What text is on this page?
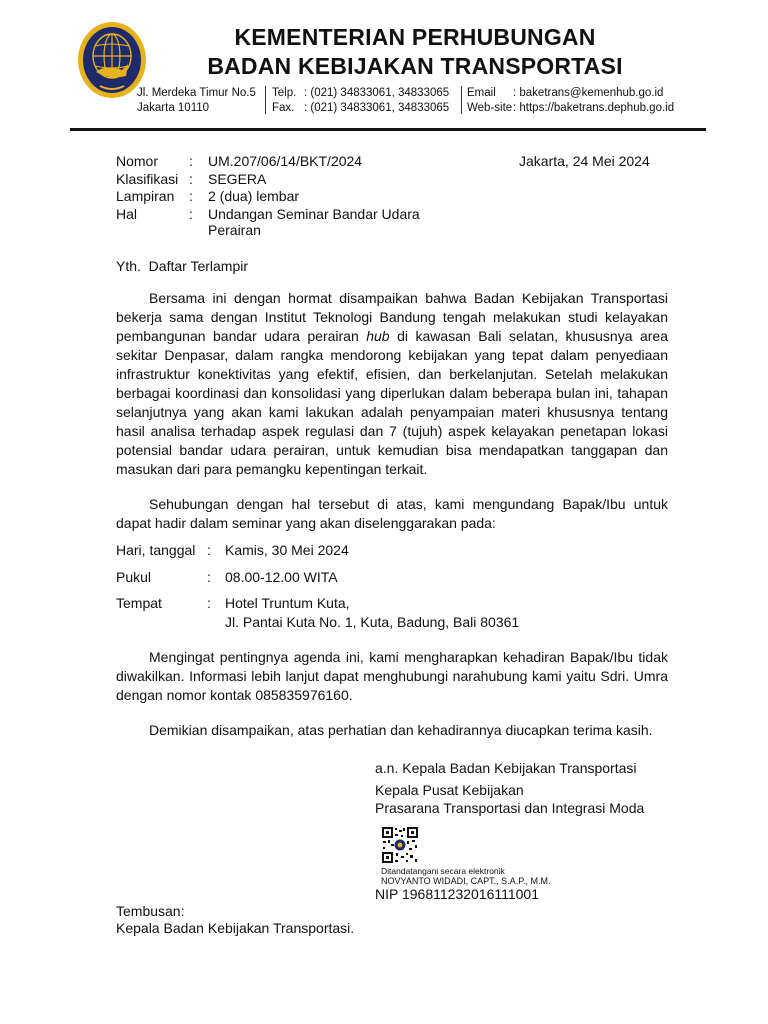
KEMENTERIAN PERHUBUNGAN
BADAN KEBIJAKAN TRANSPORTASI
Jl. Merdeka Timur No.5
Jakarta 10110
Telp. : (021) 34833061, 34833065
Fax. : (021) 34833061, 34833065
Email : baketrans@kemenhub.go.id
Web-site : https://baketrans.dephub.go.id
Nomor : UM.207/06/14/BKT/2024	Jakarta, 24 Mei 2024
Klasifikasi : SEGERA
Lampiran : 2 (dua) lembar
Hal	: Undangan Seminar Bandar Udara
Perairan
Yth.  Daftar Terlampir
Bersama ini dengan hormat disampaikan bahwa Badan Kebijakan Transportasi bekerja sama dengan Institut Teknologi Bandung tengah melakukan studi kelayakan pembangunan bandar udara perairan hub di kawasan Bali selatan, khususnya area sekitar Denpasar, dalam rangka mendorong kebijakan yang tepat dalam penyediaan infrastruktur konektivitas yang efektif, efisien, dan berkelanjutan. Setelah melakukan berbagai koordinasi dan konsolidasi yang diperlukan dalam beberapa bulan ini, tahapan selanjutnya yang akan kami lakukan adalah penyampaian materi khususnya tentang hasil analisa terhadap aspek regulasi dan 7 (tujuh) aspek kelayakan penetapan lokasi potensial bandar udara perairan, untuk kemudian bisa mendapatkan tanggapan dan masukan dari para pemangku kepentingan terkait.
Sehubungan dengan hal tersebut di atas, kami mengundang Bapak/Ibu untuk dapat hadir dalam seminar yang akan diselenggarakan pada:
Hari, tanggal : Kamis, 30 Mei 2024
Pukul	: 08.00-12.00 WITA
Tempat	: Hotel Truntum Kuta,
Jl. Pantai Kuta No. 1, Kuta, Badung, Bali 80361
Mengingat pentingnya agenda ini, kami mengharapkan kehadiran Bapak/Ibu tidak diwakilkan. Informasi lebih lanjut dapat menghubungi narahubung kami yaitu Sdri. Umra dengan nomor kontak 085835976160.
Demikian disampaikan, atas perhatian dan kehadirannya diucapkan terima kasih.
a.n. Kepala Badan Kebijakan Transportasi
Kepala Pusat Kebijakan
Prasarana Transportasi dan Integrasi Moda
Ditandatangani secara elektronik
NOVYANTO WIDADI, CAPT., S.A.P., M.M.
NIP 196811232016111001
Tembusan:
Kepala Badan Kebijakan Transportasi.
